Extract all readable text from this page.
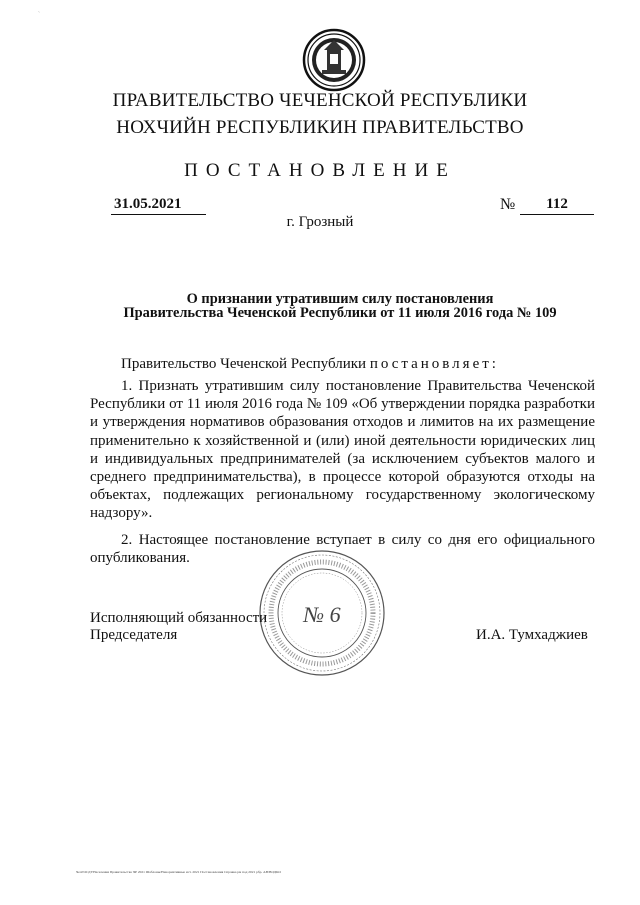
`
ПРАВИТЕЛЬСТВО ЧЕЧЕНСКОЙ РЕСПУБЛИКИ
НОХЧИЙН РЕСПУБЛИКИН ПРАВИТЕЛЬСТВО
ПОСТАНОВЛЕНИЕ
31.05.2021	№	112
г. Грозный
О признании утратившим силу постановления
Правительства Чеченской Республики от 11 июля 2016 года № 109
Правительство Чеченской Республики постановляет:

1. Признать утратившим силу постановление Правительства Чеченской Республики от 11 июля 2016 года № 109 «Об утверждении порядка разработки и утверждения нормативов образования отходов и лимитов на их размещение применительно к хозяйственной и (или) иной деятельности юридических лиц и индивидуальных предпринимателей (за исключением субъектов малого и среднего предпринимательства), в процессе которой образуются отходы на объектах, подлежащих региональному государственному экологическому надзору».

2. Настоящее постановление вступает в силу со дня его официального опубликования.

№ 6
Исполняющий обязанности
Председателя	И.А. Тумхаджиев
ЧечГОСДУНаселения Правительства ЧР 2021 Шаблоны/Ненормативные ист. 2021 Постановления Справка рм под 2021 рбр. АВ/ВОДКО
